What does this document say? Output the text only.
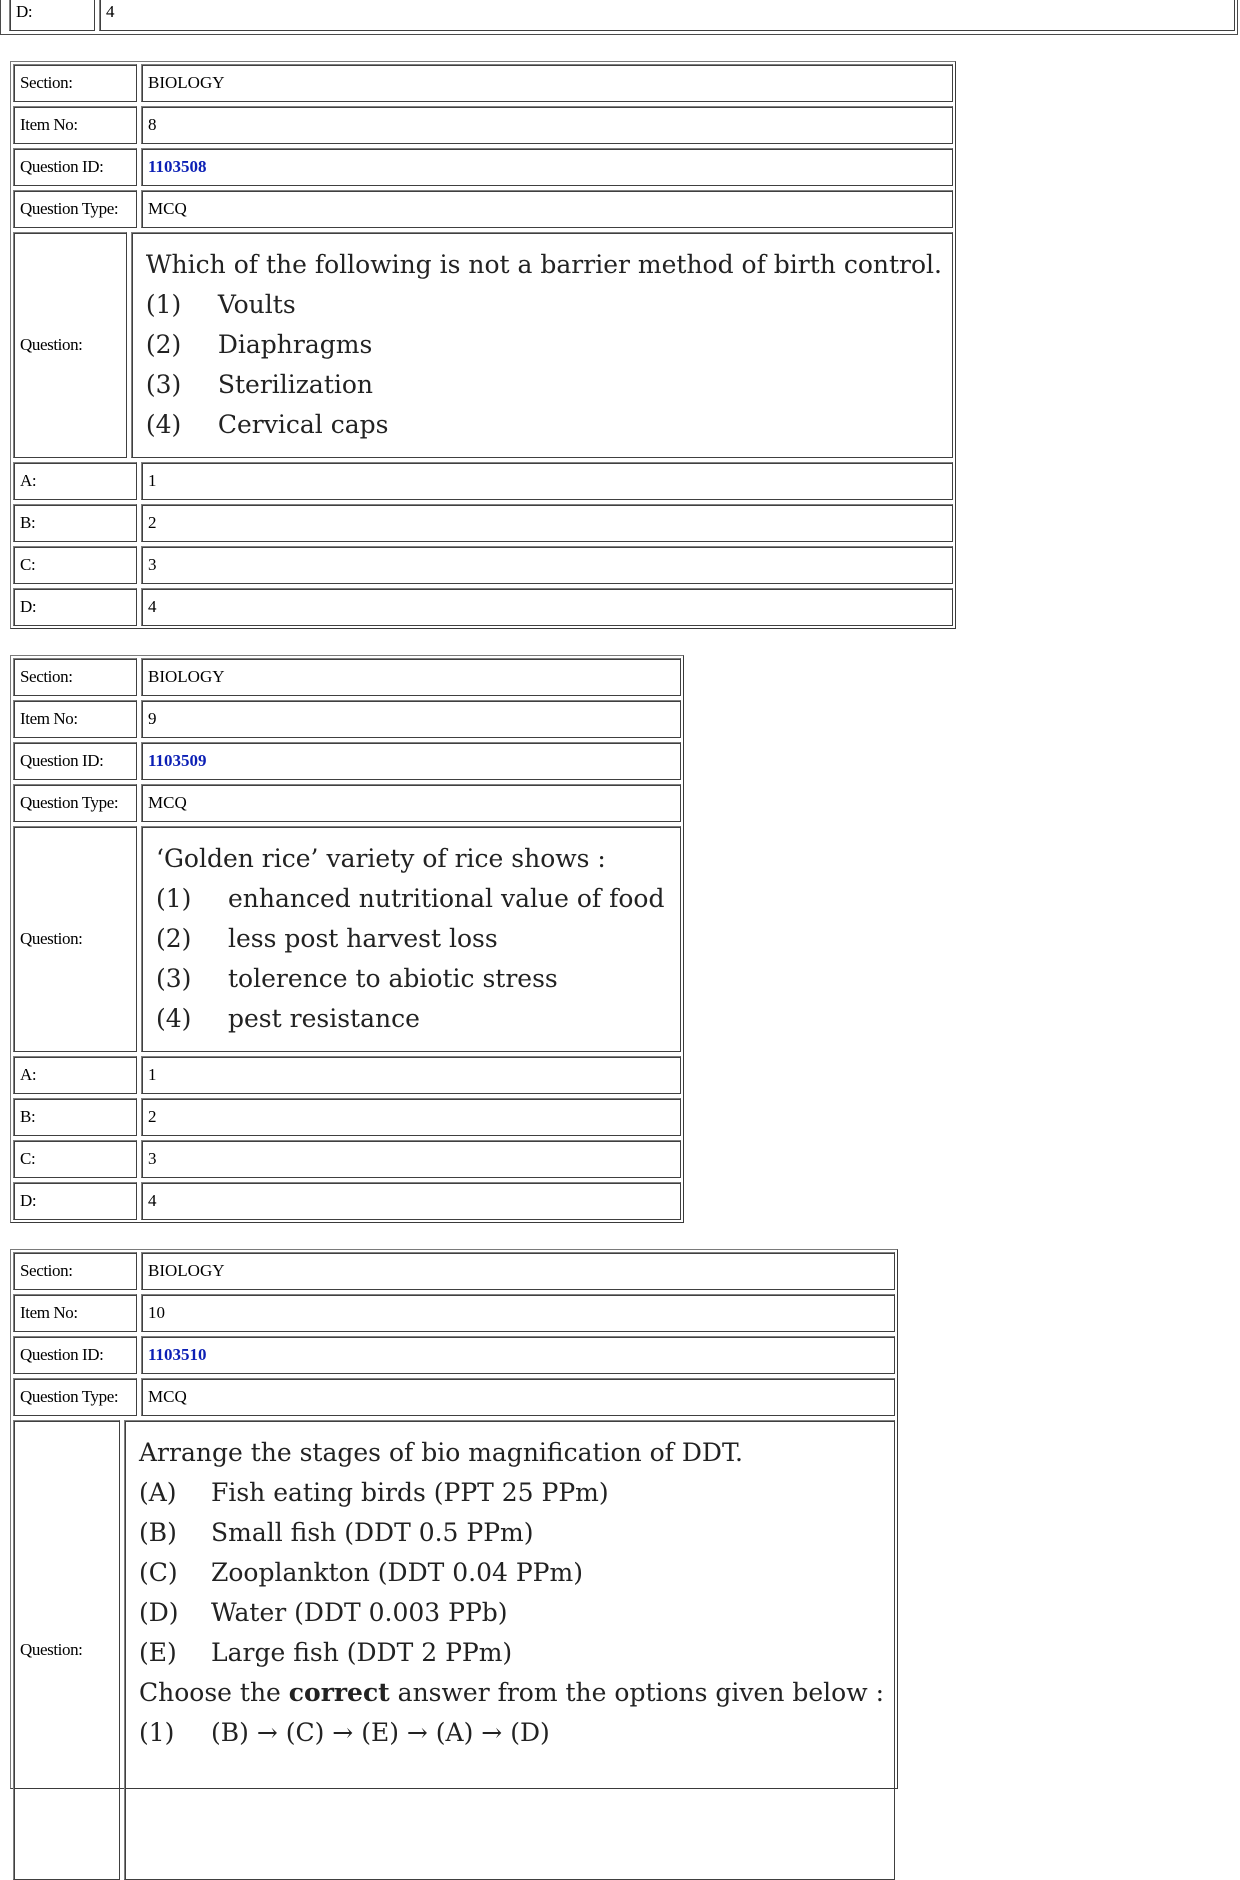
D:	4
Section:	BIOLOGY
Item No:	8
Question ID:	1103508
Question Type:	MCQ
Question:
Which of the following is not a barrier method of birth control.
(1)	Voults
(2)	Diaphragms
(3)	Sterilization
(4)	Cervical caps
A:	1
B:	2
C:	3
D:	4
Section:	BIOLOGY
Item No:	9
Question ID:	1103509
Question Type:	MCQ
Question:
‘Golden rice’ variety of rice shows :
(1)	enhanced nutritional value of food
(2)	less post harvest loss
(3)	tolerence to abiotic stress
(4)	pest resistance
A:	1
B:	2
C:	3
D:	4
Section:	BIOLOGY
Item No:	10
Question ID:	1103510
Question Type:	MCQ
Question:
Arrange the stages of bio magnification of DDT.
(A)	Fish eating birds (PPT 25 PPm)
(B)	Small fish (DDT 0.5 PPm)
(C)	Zooplankton (DDT 0.04 PPm)
(D)	Water (DDT 0.003 PPb)
(E)	Large fish (DDT 2 PPm)
Choose the correct answer from the options given below :
(1)	(B) → (C) → (E) → (A) → (D)
